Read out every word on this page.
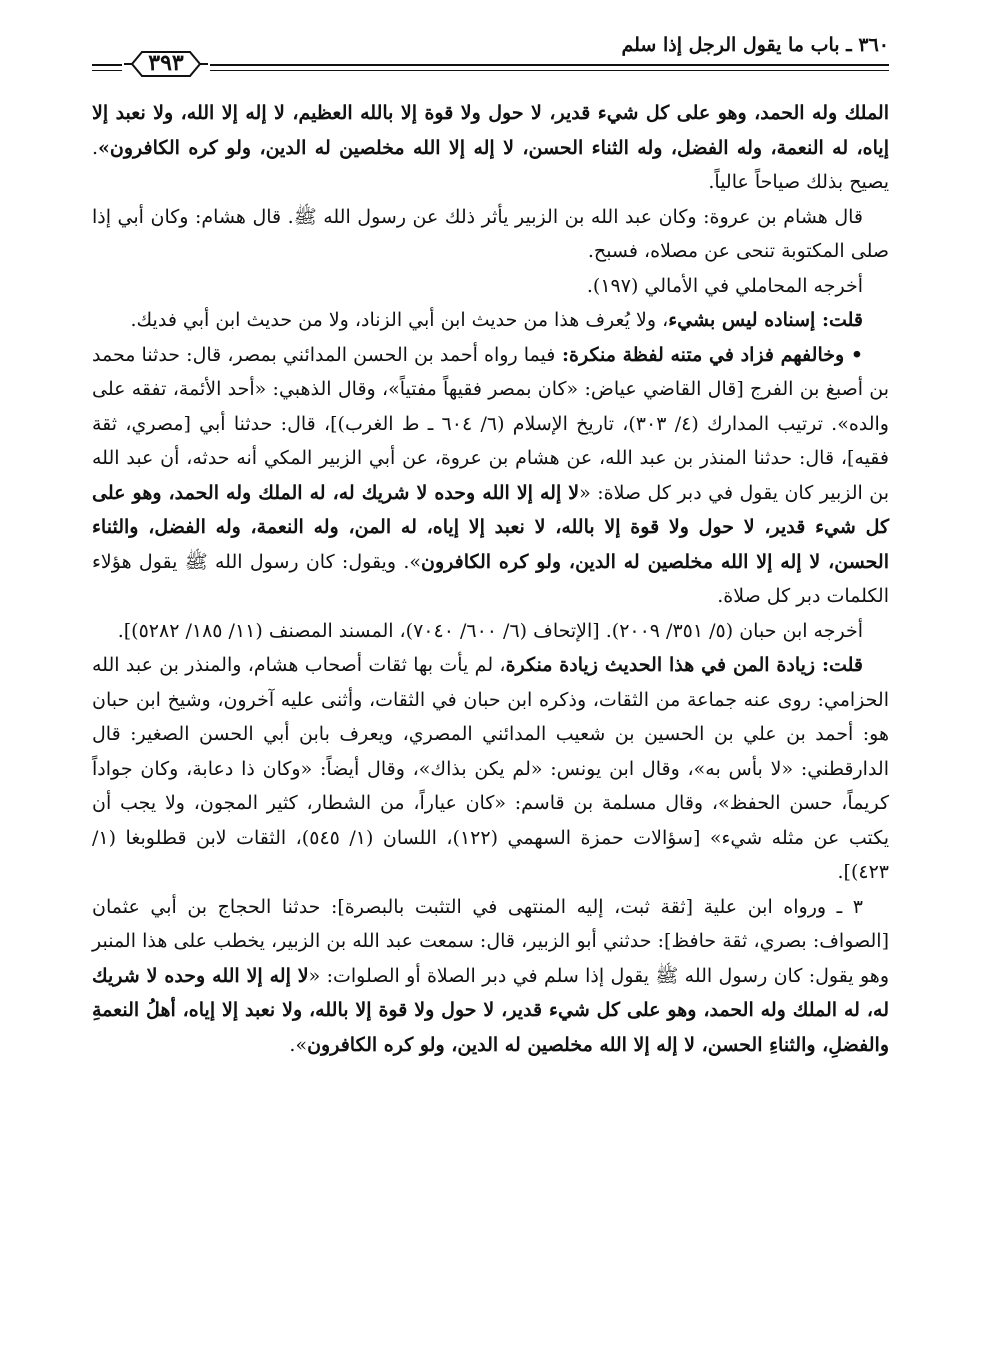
٣٦٠ ـ باب ما يقول الرجل إذا سلم
٣٩٣

الملك وله الحمد، وهو على كل شيء قدير، لا حول ولا قوة إلا بالله العظيم، لا إله إلا الله، ولا نعبد إلا إياه، له النعمة، وله الفضل، وله الثناء الحسن، لا إله إلا الله مخلصين له الدين، ولو كره الكافرون». يصيح بذلك صياحاً عالياً.

قال هشام بن عروة: وكان عبد الله بن الزبير يأثر ذلك عن رسول الله ﷺ. قال هشام: وكان أبي إذا صلى المكتوبة تنحى عن مصلاه، فسبح.

أخرجه المحاملي في الأمالي (١٩٧).

قلت: إسناده ليس بشيء، ولا يُعرف هذا من حديث ابن أبي الزناد، ولا من حديث ابن أبي فديك.

• وخالفهم فزاد في متنه لفظة منكرة: فيما رواه أحمد بن الحسن المدائني بمصر، قال: حدثنا محمد بن أصبغ بن الفرج [قال القاضي عياض: «كان بمصر فقيهاً مفتياً»، وقال الذهبي: «أحد الأئمة، تفقه على والده». ترتيب المدارك (٤/ ٣٠٣)، تاريخ الإسلام (٦/ ٦٠٤ ـ ط الغرب)]، قال: حدثنا أبي [مصري، ثقة فقيه]، قال: حدثنا المنذر بن عبد الله، عن هشام بن عروة، عن أبي الزبير المكي أنه حدثه، أن عبد الله بن الزبير كان يقول في دبر كل صلاة: «لا إله إلا الله وحده لا شريك له، له الملك وله الحمد، وهو على كل شيء قدير، لا حول ولا قوة إلا بالله، لا نعبد إلا إياه، له المن، وله النعمة، وله الفضل، والثناء الحسن، لا إله إلا الله مخلصين له الدين، ولو كره الكافرون». ويقول: كان رسول الله ﷺ يقول هؤلاء الكلمات دبر كل صلاة.

أخرجه ابن حبان (٥/ ٣٥١/ ٢٠٠٩). [الإتحاف (٦/ ٦٠٠/ ٧٠٤٠)، المسند المصنف (١١/ ١٨٥/ ٥٢٨٢)].

قلت: زيادة المن في هذا الحديث زيادة منكرة، لم يأت بها ثقات أصحاب هشام، والمنذر بن عبد الله الحزامي: روى عنه جماعة من الثقات، وذكره ابن حبان في الثقات، وأثنى عليه آخرون، وشيخ ابن حبان هو: أحمد بن علي بن الحسين بن شعيب المدائني المصري، ويعرف بابن أبي الحسن الصغير: قال الدارقطني: «لا بأس به»، وقال ابن يونس: «لم يكن بذاك»، وقال أيضاً: «وكان ذا دعابة، وكان جواداً كريماً، حسن الحفظ»، وقال مسلمة بن قاسم: «كان عياراً، من الشطار، كثير المجون، ولا يجب أن يكتب عن مثله شيء» [سؤالات حمزة السهمي (١٢٢)، اللسان (١/ ٥٤٥)، الثقات لابن قطلوبغا (١/ ٤٢٣)].

٣ ـ ورواه ابن علية [ثقة ثبت، إليه المنتهى في التثبت بالبصرة]: حدثنا الحجاج بن أبي عثمان [الصواف: بصري، ثقة حافظ]: حدثني أبو الزبير، قال: سمعت عبد الله بن الزبير، يخطب على هذا المنبر وهو يقول: كان رسول الله ﷺ يقول إذا سلم في دبر الصلاة أو الصلوات: «لا إله إلا الله وحده لا شريك له، له الملك وله الحمد، وهو على كل شيء قدير، لا حول ولا قوة إلا بالله، ولا نعبد إلا إياه، أهلُ النعمةِ والفضلِ، والثناءِ الحسن، لا إله إلا الله مخلصين له الدين، ولو كره الكافرون».
